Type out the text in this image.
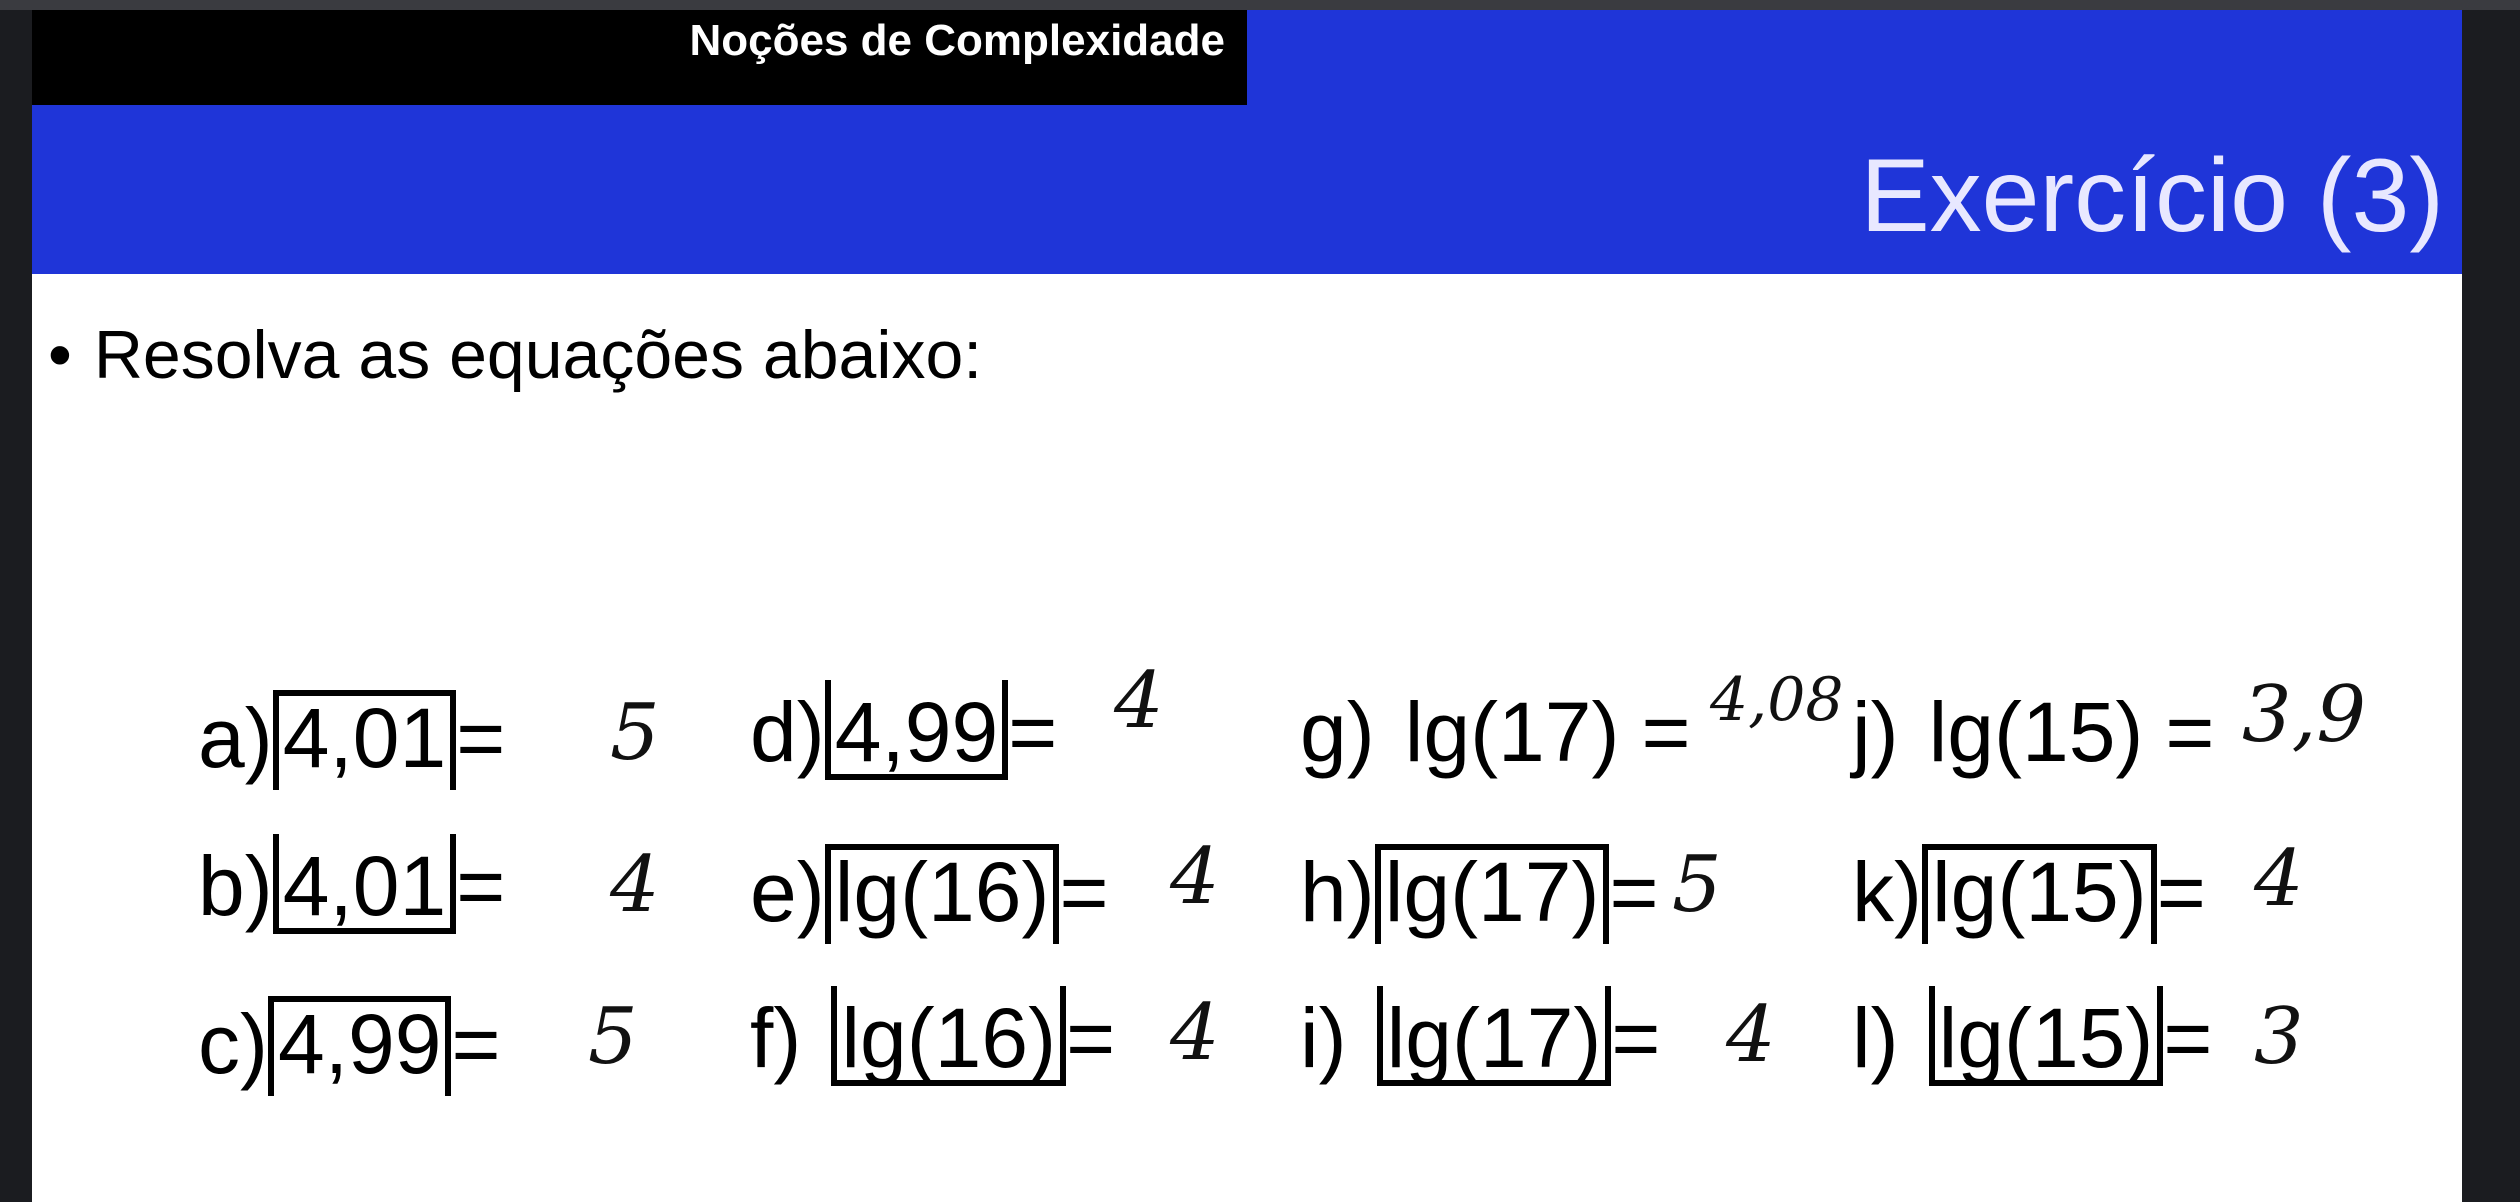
Noções de Complexidade
Exercício (3)
• Resolva as equações abaixo:
a) 4,01 =
b) 4,01 =
c) 4,99 =
d) 4,99 =
e) lg(16) =
f) lg(16) =
g) lg(17) =
h) lg(17) =
i) lg(17) =
j) lg(15) =
k) lg(15) =
l) lg(15) =
5
4
5
4
4
4
4,08
5
4
3,9
4
3
